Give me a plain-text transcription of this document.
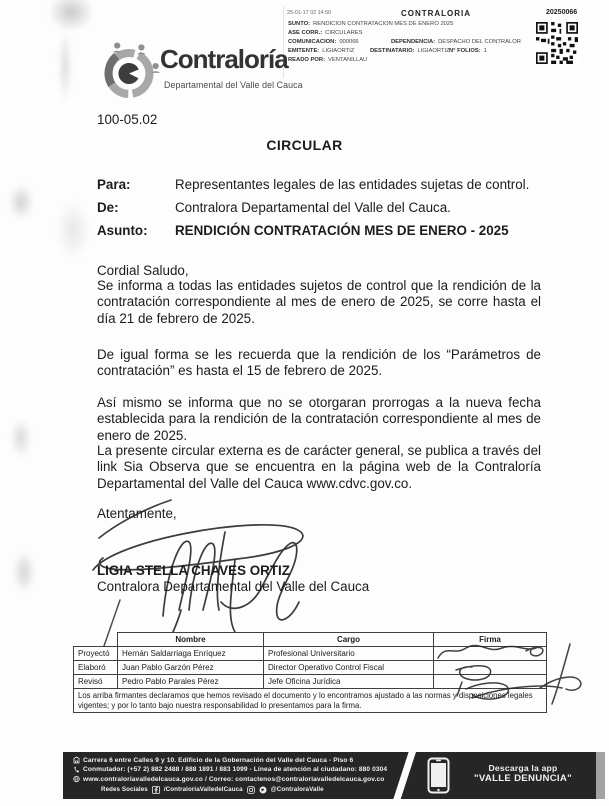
25-01-17 02 14:50	CONTRALORIA	20250066
SUNTO: RENDICION CONTRATACION MES DE ENERO 2025
ASE CORR.: CIRCULARES
COMUNICACION: 000066	DEPENDENCIA: DESPACHO DEL CONTRALOR
EMITENTE: LIGIAORTIZ	DESTINATARIO: LIGIAORTIZ N° FOLIOS: 1
READO POR: VENTANILLAU
Contraloría
Departamental del Valle del Cauca
100-05.02
CIRCULAR
Para:	Representantes legales de las entidades sujetas de control.
De:	Contralora Departamental del Valle del Cauca.
Asunto:	RENDICIÓN CONTRATACIÓN MES DE ENERO - 2025
Cordial Saludo,

Se informa a todas las entidades sujetos de control que la rendición de la contratación correspondiente al mes de enero de 2025, se corre hasta el día 21 de febrero de 2025.

De igual forma se les recuerda que la rendición de los “Parámetros de contratación” es hasta el 15 de febrero de 2025.

Así mismo se informa que no se otorgaran prorrogas a la nueva fecha establecida para la rendición de la contratación correspondiente al mes de enero de 2025.

La presente circular externa es de carácter general, se publica a través del link Sia Observa que se encuentra en la página web de la Contraloría Departamental del Valle del Cauca www.cdvc.gov.co.

Atentamente,
LIGIA STELLA CHAVES ORTIZ
Contralora Departamental del Valle del Cauca
	Nombre	Cargo	Firma
Proyectó	Hernán Saldarriaga Enríquez	Profesional Universitario	
Elaboró	Juan Pablo Garzón Pérez	Director Operativo Control Fiscal	
Revisó	Pedro Pablo Parales Pérez	Jefe Oficina Jurídica	
Los arriba firmantes declaramos que hemos revisado el documento y lo encontramos ajustado a las normas y disposiciones legales vigentes; y por lo tanto bajo nuestra responsabilidad lo presentamos para la firma.			
Carrera 6 entre Calles 9 y 10. Edificio de la Gobernación del Valle del Cauca - Piso 6
Conmutador: (+57 2) 882 2488 / 888 1891 / 883 1099 - Línea de atención al ciudadano: 880 0304
www.contraloriavalledelcauca.gov.co / Correo: contactenos@contraloriavalledelcauca.gov.co
Redes Sociales	/ContraloriaValledelCauca	@ContraloraValle
Descarga la app
"VALLE DENUNCIA"
